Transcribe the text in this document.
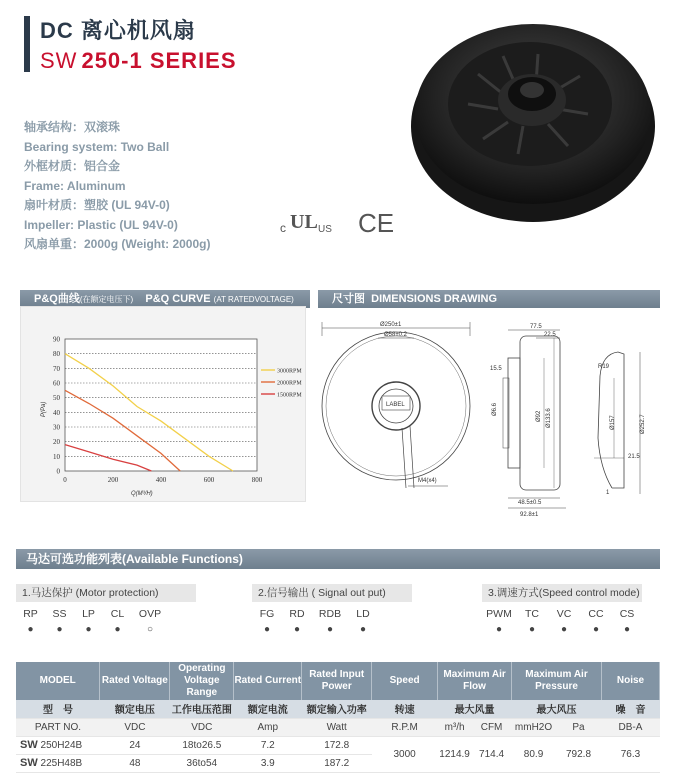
DC 离心机风扇
SW 250-1 SERIES
轴承结构：双滚珠
Bearing system: Two Ball
外框材质：铝合金
Frame: Aluminum
扇叶材质：塑胶 (UL 94V-0)
Impeller: Plastic (UL 94V-0)
风扇单重：2000g (Weight: 2000g)
c UL US CE
P&Q曲线(在额定电压下) P&Q CURVE (AT RATEDVOLTAGE)	尺寸图 DIMENSIONS DRAWING
0
10
20
30
40
50
60
70
80
90
0	200	400	600	800
Q(M³/H)
P(Pa)
3000RPM
2000RPM
1500RPM
Ø250±1
Ø58±0.2
LABEL
M4(x4)
77.5
22.5
15.5
Ø6.6
Ø92 Ø133.6
48.5±0.5
92.8±1
R19
Ø157	Ø252.7
21.5
1
马达可选功能列表(Available Functions)
1.马达保护 (Motor protection)
RP
●
SS
●
LP
●
CL
●
OVP
○
2.信号输出 ( Signal out put)
FG
●
RD
●
RDB
●
LD
●
3.调速方式(Speed control mode)
PWM
●
TC
●
VC
●
CC
●
CS
●
MODEL	Rated Voltage	Operating Voltage Range	Rated Current	Rated Input Power	Speed	Maximum Air Flow		Maximum Air Pressure		Noise
型　号	额定电压	工作电压范围	额定电流	额定输入功率	转速	最大风量		最大风压		噪　音
PART NO.	VDC	VDC	Amp	Watt	R.P.M	m³/h	CFM	mmH2O	Pa	DB-A
SW 250H24B	24	18to26.5	7.2	172.8	3000	1214.9	714.4	80.9	792.8	76.3
SW 225H48B	48	36to54	3.9	187.2						
